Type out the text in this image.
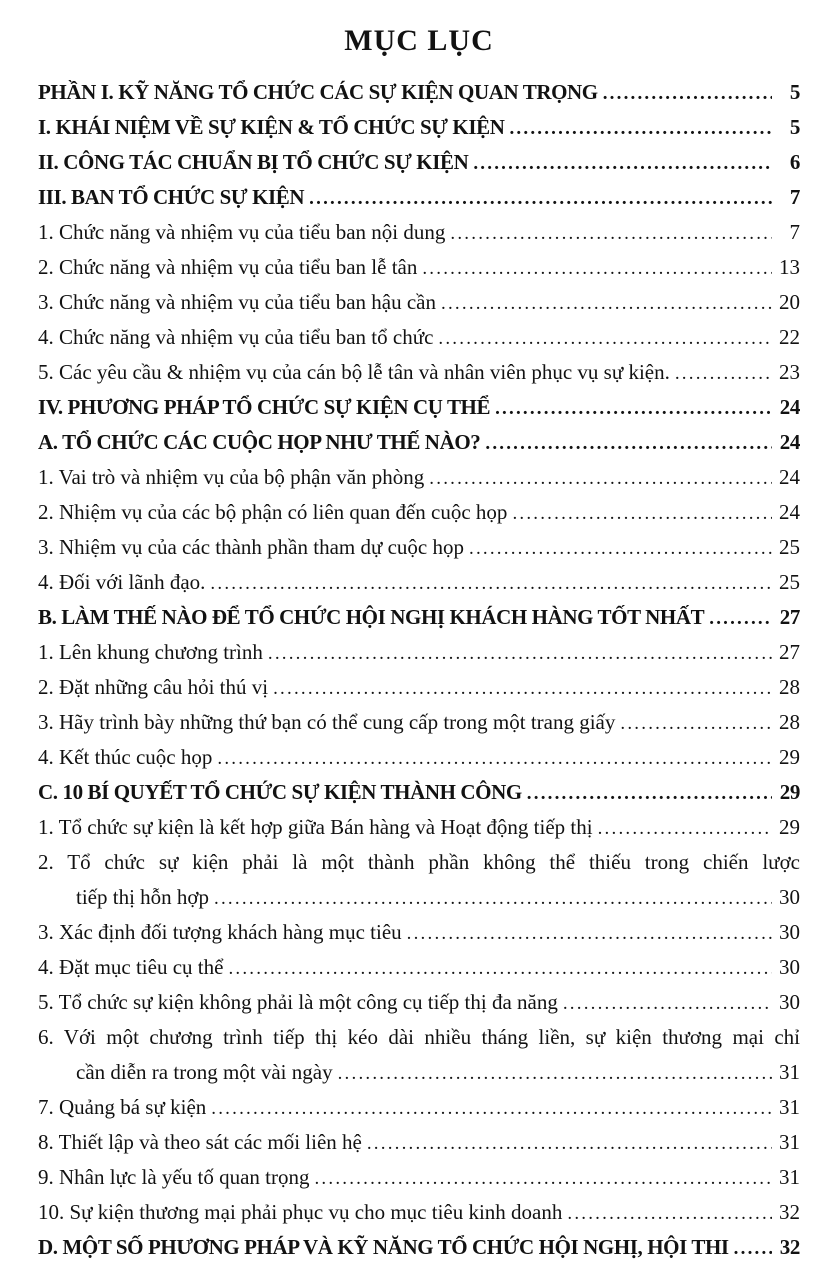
MỤC LỤC
PHẦN I. KỸ NĂNG TỔ CHỨC CÁC SỰ KIỆN QUAN TRỌNG .....	5
I. KHÁI NIỆM VỀ SỰ KIỆN & TỔ CHỨC SỰ KIỆN .....	5
II. CÔNG TÁC CHUẨN BỊ TỔ CHỨC SỰ KIỆN .....	6
III. BAN TỔ CHỨC SỰ KIỆN .....	7
1. Chức năng và nhiệm vụ của tiểu ban nội dung .....	7
2. Chức năng và nhiệm vụ của tiểu ban lễ tân .....	13
3. Chức năng và nhiệm vụ của tiểu ban hậu cần .....	20
4. Chức năng và nhiệm vụ của tiểu ban tổ chức .....	22
5. Các yêu cầu & nhiệm vụ của cán bộ lễ tân và nhân viên phục vụ sự kiện. .....	23
IV. PHƯƠNG PHÁP TỔ CHỨC SỰ KIỆN CỤ THỂ .....	24
A. TỔ CHỨC CÁC CUỘC HỌP NHƯ THẾ NÀO? .....	24
1. Vai trò và nhiệm vụ của bộ phận văn phòng .....	24
2. Nhiệm vụ của các bộ phận có liên quan đến cuộc họp .....	24
3. Nhiệm vụ của các thành phần tham dự cuộc họp .....	25
4. Đối với lãnh đạo. .....	25
B. LÀM THẾ NÀO ĐỂ TỔ CHỨC HỘI NGHỊ KHÁCH HÀNG TỐT NHẤT .....	27
1. Lên khung chương trình .....	27
2. Đặt những câu hỏi thú vị .....	28
3. Hãy trình bày những thứ bạn có thể cung cấp trong một trang giấy .....	28
4. Kết thúc cuộc họp .....	29
C. 10 BÍ QUYẾT TỔ CHỨC SỰ KIỆN THÀNH CÔNG .....	29
1. Tổ chức sự kiện là kết hợp giữa Bán hàng và Hoạt động tiếp thị .....	29
2. Tổ chức sự kiện phải là một thành phần không thể thiếu trong chiến lược
tiếp thị hỗn hợp .....	30
3. Xác định đối tượng khách hàng mục tiêu .....	30
4. Đặt mục tiêu cụ thể .....	30
5. Tổ chức sự kiện không phải là một công cụ tiếp thị đa năng .....	30
6. Với một chương trình tiếp thị kéo dài nhiều tháng liền, sự kiện thương mại chỉ
cần diễn ra trong một vài ngày .....	31
7. Quảng bá sự kiện .....	31
8. Thiết lập và theo sát các mối liên hệ .....	31
9. Nhân lực là yếu tố quan trọng .....	31
10. Sự kiện thương mại phải phục vụ cho mục tiêu kinh doanh .....	32
D. MỘT SỐ PHƯƠNG PHÁP VÀ KỸ NĂNG TỔ CHỨC HỘI NGHỊ, HỘI THI ..... 32
